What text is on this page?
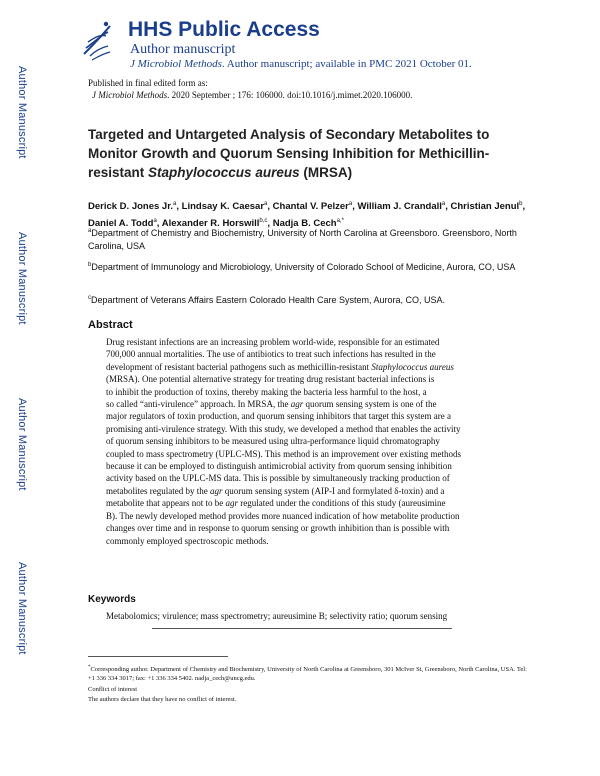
Author Manuscript
Author Manuscript
Author Manuscript
Author Manuscript
HHS Public Access
Author manuscript
J Microbiol Methods. Author manuscript; available in PMC 2021 October 01.
Published in final edited form as:
J Microbiol Methods. 2020 September ; 176: 106000. doi:10.1016/j.mimet.2020.106000.
Targeted and Untargeted Analysis of Secondary Metabolites to Monitor Growth and Quorum Sensing Inhibition for Methicillin-resistant Staphylococcus aureus (MRSA)
Derick D. Jones Jr.$^a$, Lindsay K. Caesar$^a$, Chantal V. Pelzer$^a$, William J. Crandall$^a$, Christian Jenul$^b$, Daniel A. Todd$^a$, Alexander R. Horswill$^{b,c}$, Nadja B. Cech$^{a,*}$
$^a$Department of Chemistry and Biochemistry, University of North Carolina at Greensboro. Greensboro, North Carolina, USA
$^b$Department of Immunology and Microbiology, University of Colorado School of Medicine, Aurora, CO, USA
$^c$Department of Veterans Affairs Eastern Colorado Health Care System, Aurora, CO, USA.
Abstract
Drug resistant infections are an increasing problem world-wide, responsible for an estimated
700,000 annual mortalities. The use of antibiotics to treat such infections has resulted in the
development of resistant bacterial pathogens such as methicillin-resistant Staphylococcus aureus
(MRSA). One potential alternative strategy for treating drug resistant bacterial infections is
to inhibit the production of toxins, thereby making the bacteria less harmful to the host, a
so called “anti-virulence” approach. In MRSA, the agr quorum sensing system is one of the
major regulators of toxin production, and quorum sensing inhibitors that target this system are a
promising anti-virulence strategy. With this study, we developed a method that enables the activity
of quorum sensing inhibitors to be measured using ultra-performance liquid chromatography
coupled to mass spectrometry (UPLC-MS). This method is an improvement over existing methods
because it can be employed to distinguish antimicrobial activity from quorum sensing inhibition
activity based on the UPLC-MS data. This is possible by simultaneously tracking production of
metabolites regulated by the agr quorum sensing system (AIP-I and formylated δ-toxin) and a
metabolite that appears not to be agr regulated under the conditions of this study (aureusimine
B). The newly developed method provides more nuanced indication of how metabolite production
changes over time and in response to quorum sensing or growth inhibition than is possible with
commonly employed spectroscopic methods.
Keywords
Metabolomics; virulence; mass spectrometry; aureusimine B; selectivity ratio; quorum sensing
*Corresponding author. Department of Chemistry and Biochemistry, University of North Carolina at Greensboro, 301 McIver St, Greensboro, North Carolina, USA. Tel: +1 336 334 3017; fax: +1 336 334 5402. nadja_cech@uncg.edu.
Conflict of interest
The authors declare that they have no conflict of interest.
